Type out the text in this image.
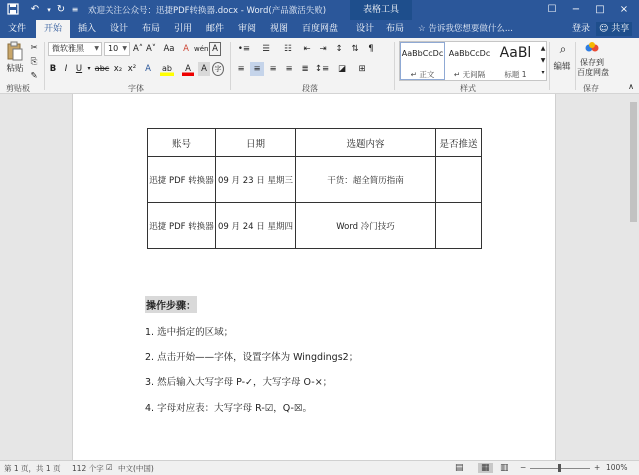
↶	▾ ↻ ≡	欢迎关注公众号：迅捷PDF转换器.docx - Word(产品激活失败)	表格工具	☐	−	□	×
文件	开始	插入	设计	布局	引用	邮件	审阅	视图	百度网盘	设计	布局	☆ 告诉我您想要做什么...	登录 ☺ 共享
粘贴
✂
⎘
✎
剪贴板
微软雅黑 ▼	10 ▼ A˄ A˅ Aa	A wén A
B	I	U ▾ abc x₂ x²	A	ab	A	A	字
字体
•≡	☰	☷	⇤	⇥	↕	⇅	¶
≡	≡	≡	≡	≣ ↕≡	◪	⊞
段落
AaBbCcDc
↵ 正文
AaBbCcDc
↵ 无间隔
AaBl
标题 1
▲
▼
▾
样式
⌕
编辑	保存到
百度网盘
保存	∧
账号	日期	选题内容	是否推送
迅捷 PDF 转换器	09 月 23 日 星期三	干货：超全简历指南	
迅捷 PDF 转换器	09 月 24 日 星期四	Word 冷门技巧	
操作步骤：
1. 选中指定的区域；
2. 点击开始——字体，设置字体为 Wingdings2；
3. 然后输入大写字母 P-✓，大写字母 O-×；
4. 字母对应表：大写字母 R-☑，Q-☒。
第 1 页，共 1 页 112 个字 ☑ 中文(中国)	▤	▦	▥ −	+ 100%
